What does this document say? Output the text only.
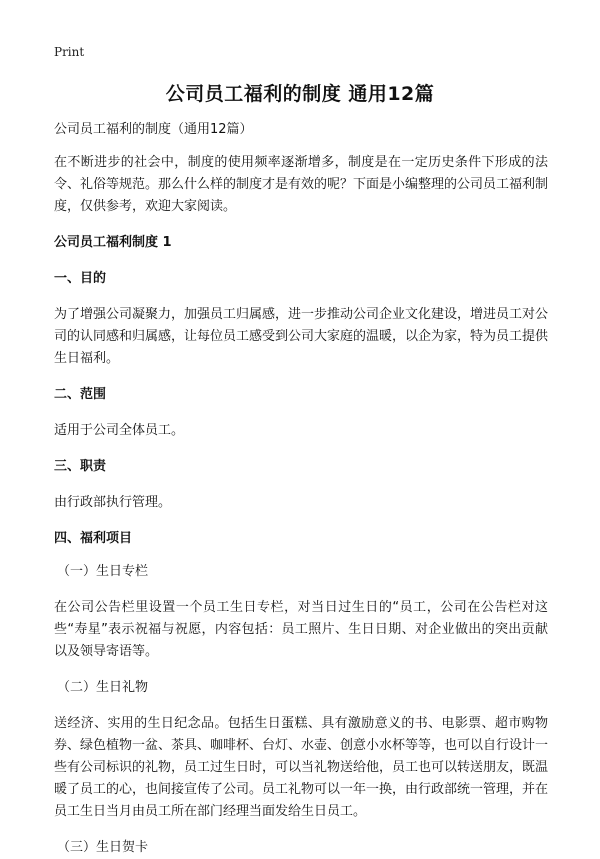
Print
公司员工福利的制度 通用12篇

公司员工福利的制度（通用12篇）

在不断进步的社会中，制度的使用频率逐渐增多，制度是在一定历史条件下形成的法令、礼俗等规范。那么什么样的制度才是有效的呢？下面是小编整理的公司员工福利制度，仅供参考，欢迎大家阅读。

公司员工福利制度 1

一、目的

为了增强公司凝聚力，加强员工归属感，进一步推动公司企业文化建设，增进员工对公司的认同感和归属感，让每位员工感受到公司大家庭的温暖，以企为家，特为员工提供生日福利。

二、范围

适用于公司全体员工。

三、职责

由行政部执行管理。

四、福利项目

（一）生日专栏

在公司公告栏里设置一个员工生日专栏，对当日过生日的“员工，公司在公告栏对这些“寿星”表示祝福与祝愿，内容包括：员工照片、生日日期、对企业做出的突出贡献以及领导寄语等。

（二）生日礼物

送经济、实用的生日纪念品。包括生日蛋糕、具有激励意义的书、电影票、超市购物券、绿色植物一盆、茶具、咖啡杯、台灯、水壶、创意小水杯等等，也可以自行设计一些有公司标识的礼物，员工过生日时，可以当礼物送给他，员工也可以转送朋友，既温暖了员工的心，也间接宣传了公司。员工礼物可以一年一换，由行政部统一管理，并在员工生日当月由员工所在部门经理当面发给生日员工。

（三）生日贺卡
